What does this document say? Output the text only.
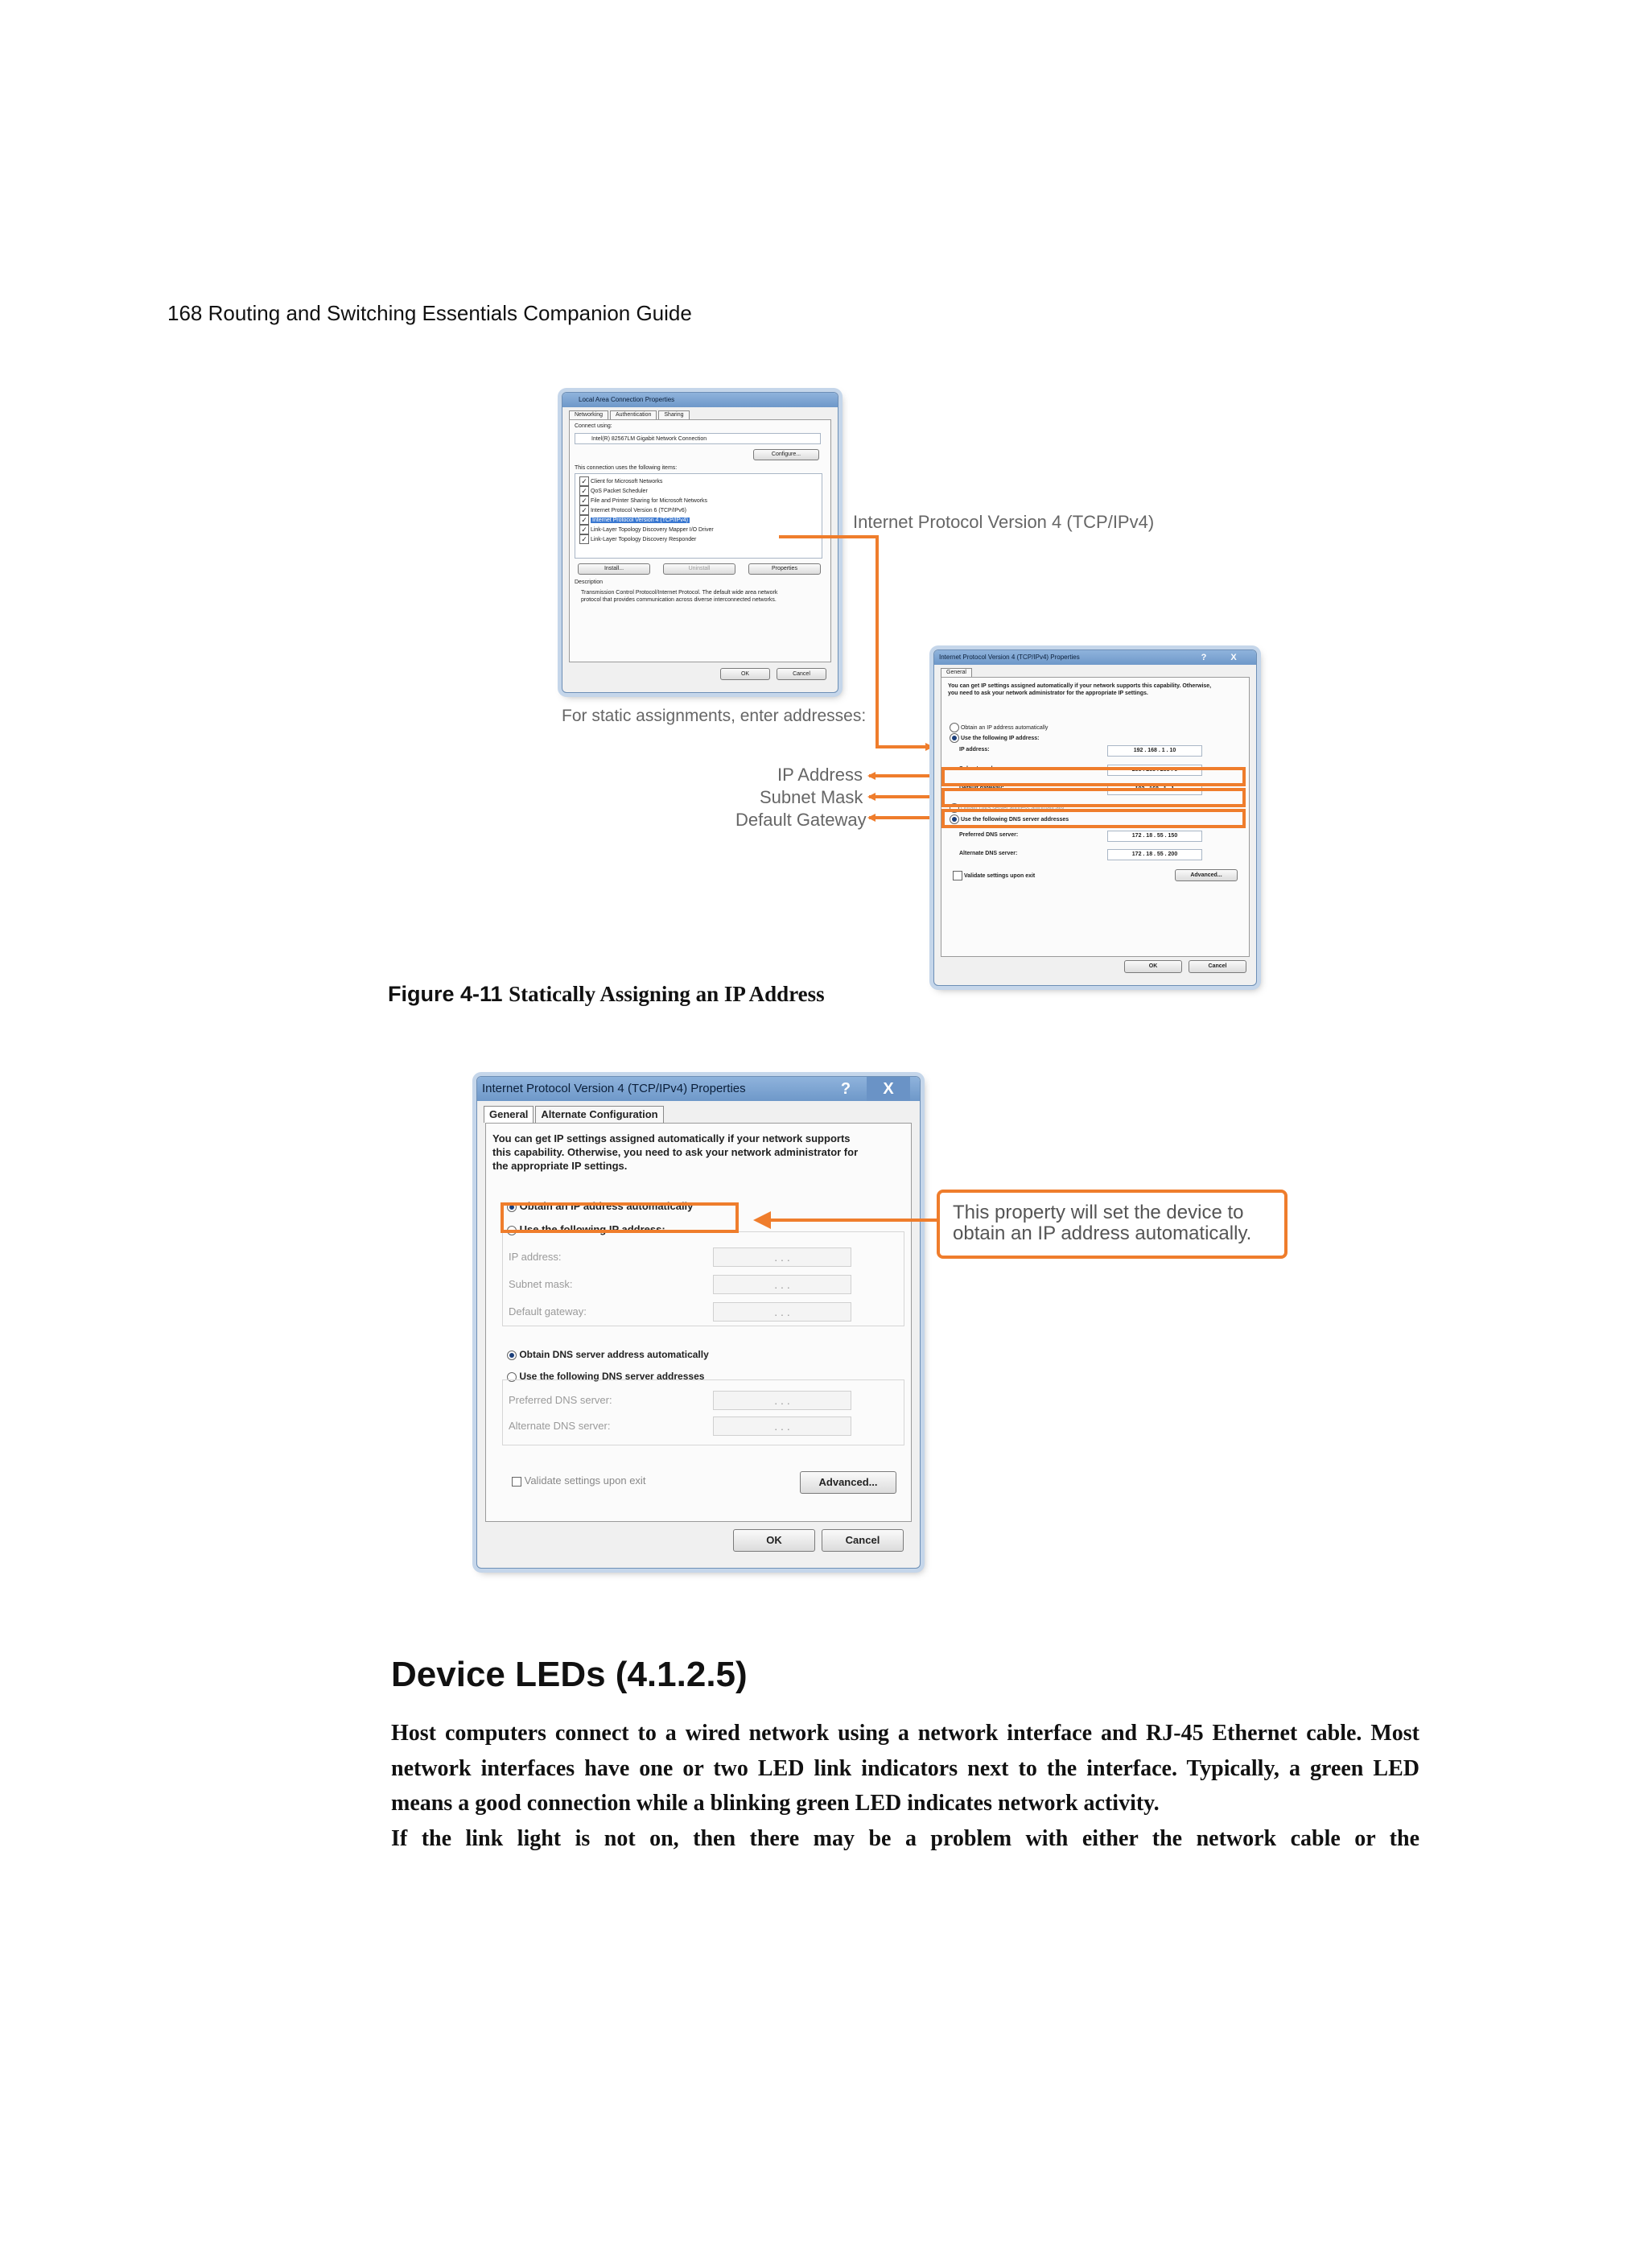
168 Routing and Switching Essentials Companion Guide
Local Area Connection Properties
Networking Authentication Sharing
Connect using:
Intel(R) 82567LM Gigabit Network Connection
Configure...
This connection uses the following items:
✓ Client for Microsoft Networks
✓ QoS Packet Scheduler
✓ File and Printer Sharing for Microsoft Networks
✓ Internet Protocol Version 6 (TCP/IPv6)
✓ Internet Protocol Version 4 (TCP/IPv4)
✓ Link-Layer Topology Discovery Mapper I/O Driver
✓ Link-Layer Topology Discovery Responder
Install...	Uninstall	Properties
Description
Transmission Control Protocol/Internet Protocol. The default wide area network protocol that provides communication across diverse interconnected networks.
OK	Cancel
Internet Protocol Version 4 (TCP/IPv4)
For static assignments, enter addresses:
IP Address
Subnet Mask
Default Gateway
Internet Protocol Version 4 (TCP/IPv4) Properties	?	X
General
You can get IP settings assigned automatically if your network supports this capability. Otherwise, you need to ask your network administrator for the appropriate IP settings.
Obtain an IP address automatically
Use the following IP address:
IP address:	192 . 168 . 1 . 10
Subnet mask:	255 . 255 . 255 . 0
Default gateway:	192 . 168 . 1 . 1
Obtain DNS server address automatically
Use the following DNS server addresses
Preferred DNS server:	172 . 18 . 55 . 150
Alternate DNS server:	172 . 18 . 55 . 200
Validate settings upon exit	Advanced...
OK	Cancel
Figure 4-11 Statically Assigning an IP Address
Internet Protocol Version 4 (TCP/IPv4) Properties	?	X
General Alternate Configuration
You can get IP settings assigned automatically if your network supports this capability. Otherwise, you need to ask your network administrator for the appropriate IP settings.
Obtain an IP address automatically
Use the following IP address:
IP address:	. . .
Subnet mask:	. . .
Default gateway:	. . .
Obtain DNS server address automatically
Use the following DNS server addresses
Preferred DNS server:	. . .
Alternate DNS server:	. . .
Validate settings upon exit	Advanced...
OK	Cancel
This property will set the device to obtain an IP address automatically.
Device LEDs (4.1.2.5)
Host computers connect to a wired network using a network interface and RJ-45 Ethernet cable. Most network interfaces have one or two LED link indicators next to the interface. Typically, a green LED means a good connection while a blinking green LED indicates network activity.
If the link light is not on, then there may be a problem with either the network cable or the
